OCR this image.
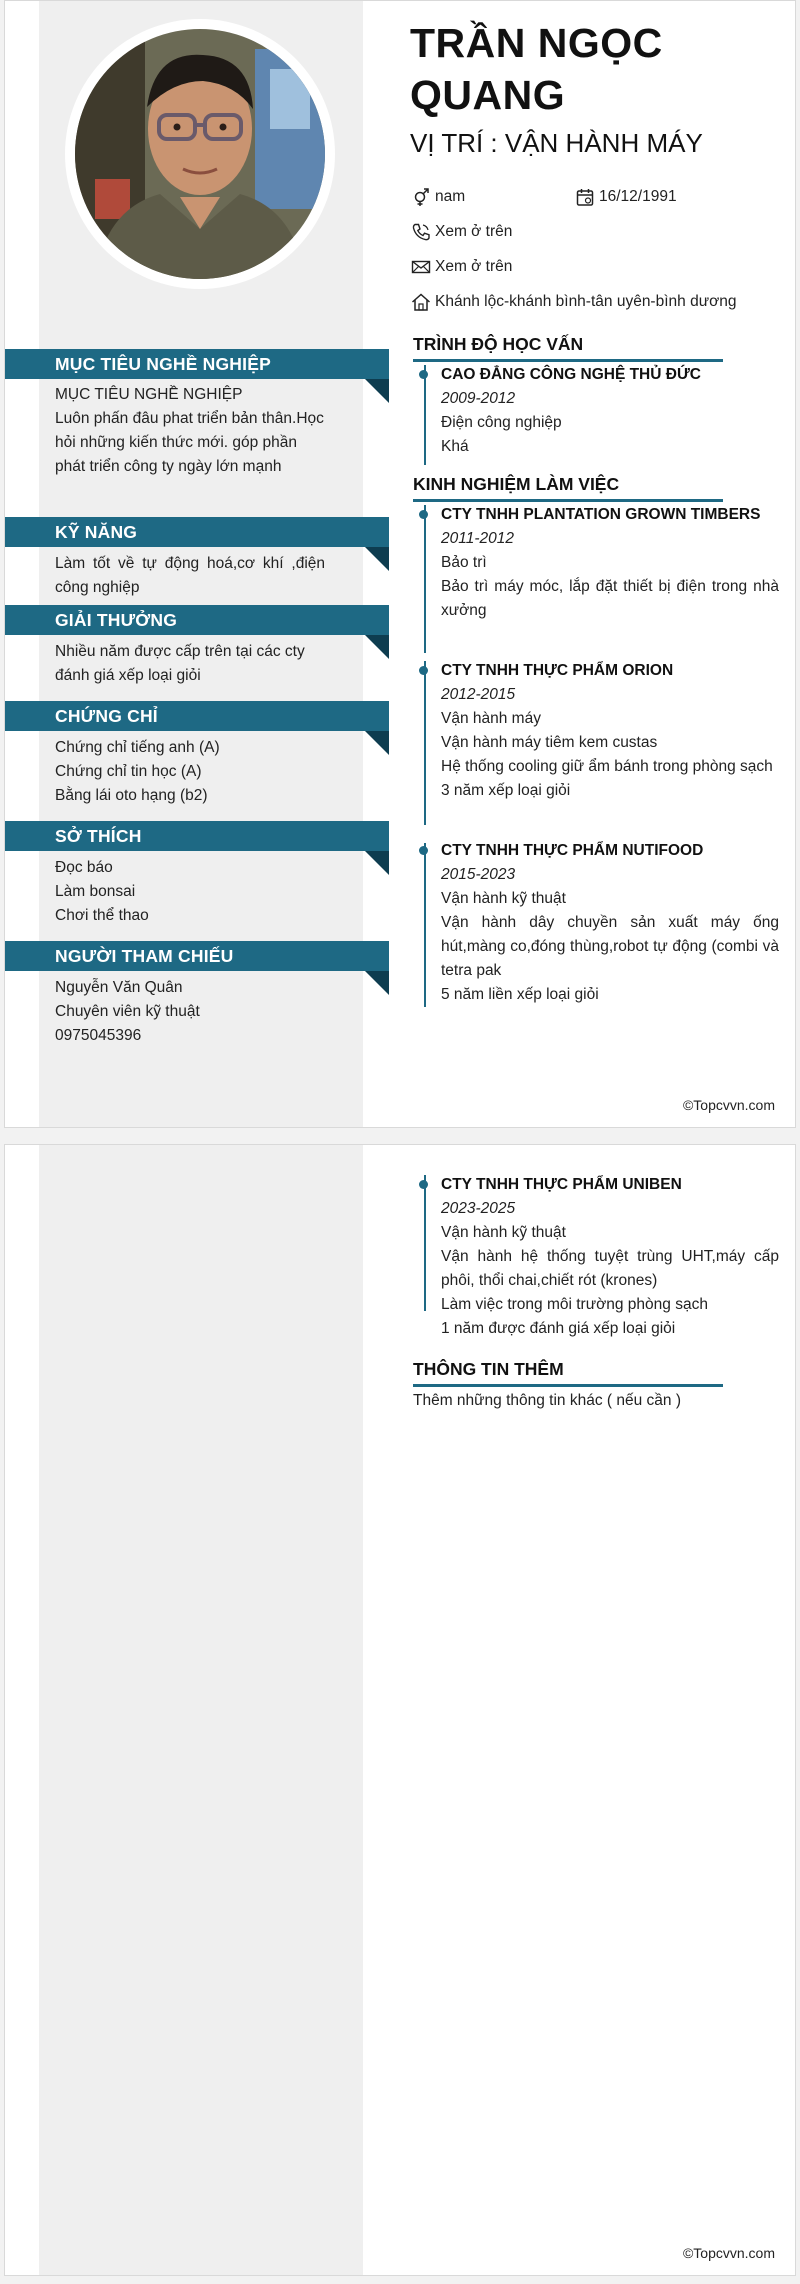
TRẦN NGỌC QUANG
VỊ TRÍ : VẬN HÀNH MÁY
nam	16/12/1991
Xem ở trên
Xem ở trên
Khánh lộc-khánh bình-tân uyên-bình dương
MỤC TIÊU NGHỀ NGHIỆP

MỤC TIÊU NGHỀ NGHIỆP

Luôn phấn đâu phat triển bản thân.Học hỏi những kiến thức mới. góp phần phát triển công ty ngày lớn mạnh

KỸ NĂNG

Làm tốt về tự động hoá,cơ khí ,điện công nghiệp

GIẢI THƯỞNG

Nhiều năm được cấp trên tại các cty đánh giá xếp loại giỏi

CHỨNG CHỈ

Chứng chỉ tiếng anh (A)

Chứng chỉ tin học (A)

Bằng lái oto hạng (b2)

SỞ THÍCH

Đọc báo

Làm bonsai

Chơi thể thao

NGƯỜI THAM CHIẾU

Nguyễn Văn Quân

Chuyên viên kỹ thuật

0975045396

TRÌNH ĐỘ HỌC VẤN

CAO ĐẲNG CÔNG NGHỆ THỦ ĐỨC

2009-2012

Điện công nghiệp

Khá

KINH NGHIỆM LÀM VIỆC

CTY TNHH PLANTATION GROWN TIMBERS

2011-2012

Bảo trì

Bảo trì máy móc, lắp đặt thiết bị điện trong nhà xưởng

CTY TNHH THỰC PHẨM ORION

2012-2015

Vận hành máy

Vận hành máy tiêm kem custas

Hệ thống cooling giữ ẩm bánh trong phòng sạch

3 năm xếp loại giỏi

CTY TNHH THỰC PHẨM NUTIFOOD

2015-2023

Vận hành kỹ thuật

Vận hành dây chuyền sản xuất máy ống hút,màng co,đóng thùng,robot tự động (combi và tetra pak

5 năm liền xếp loại giỏi

©Topcvvn.com

CTY TNHH THỰC PHẨM UNIBEN

2023-2025

Vận hành kỹ thuật

Vận hành hệ thống tuyệt trùng UHT,máy cấp phôi, thổi chai,chiết rót (krones)

Làm việc trong môi trường phòng sạch

1 năm được đánh giá xếp loại giỏi

THÔNG TIN THÊM
Thêm những thông tin khác ( nếu cần )
©Topcvvn.com
